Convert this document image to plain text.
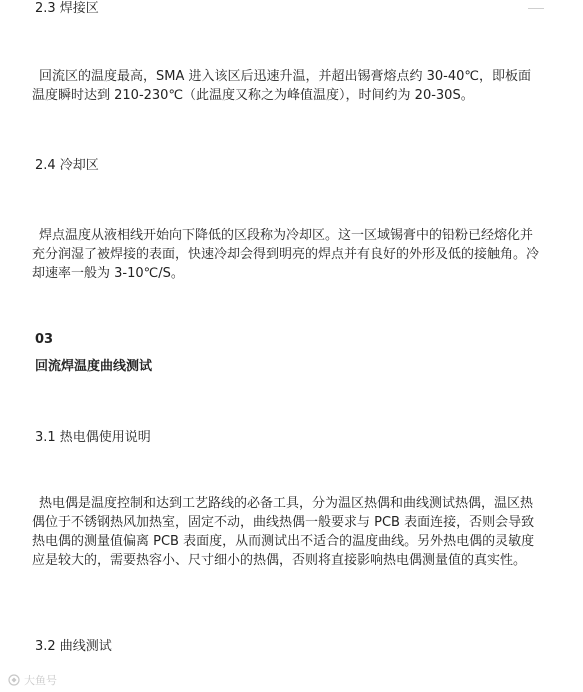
2.3 焊接区

回流区的温度最高，SMA 进入该区后迅速升温，并超出锡膏熔点约 30-40℃，即板面温度瞬时达到 210-230℃（此温度又称之为峰值温度），时间约为 20-30S。

2.4 冷却区

焊点温度从液相线开始向下降低的区段称为冷却区。这一区域锡膏中的铅粉已经熔化并充分润湿了被焊接的表面，快速冷却会得到明亮的焊点并有良好的外形及低的接触角。冷却速率一般为 3-10℃/S。

03
回流焊温度曲线测试
3.1 热电偶使用说明

热电偶是温度控制和达到工艺路线的必备工具，分为温区热偶和曲线测试热偶，温区热偶位于不锈钢热风加热室，固定不动，曲线热偶一般要求与 PCB 表面连接，否则会导致热电偶的测量值偏离 PCB 表面度，从而测试出不适合的温度曲线。另外热电偶的灵敏度应是较大的，需要热容小、尺寸细小的热偶，否则将直接影响热电偶测量值的真实性。

3.2 曲线测试
大鱼号
